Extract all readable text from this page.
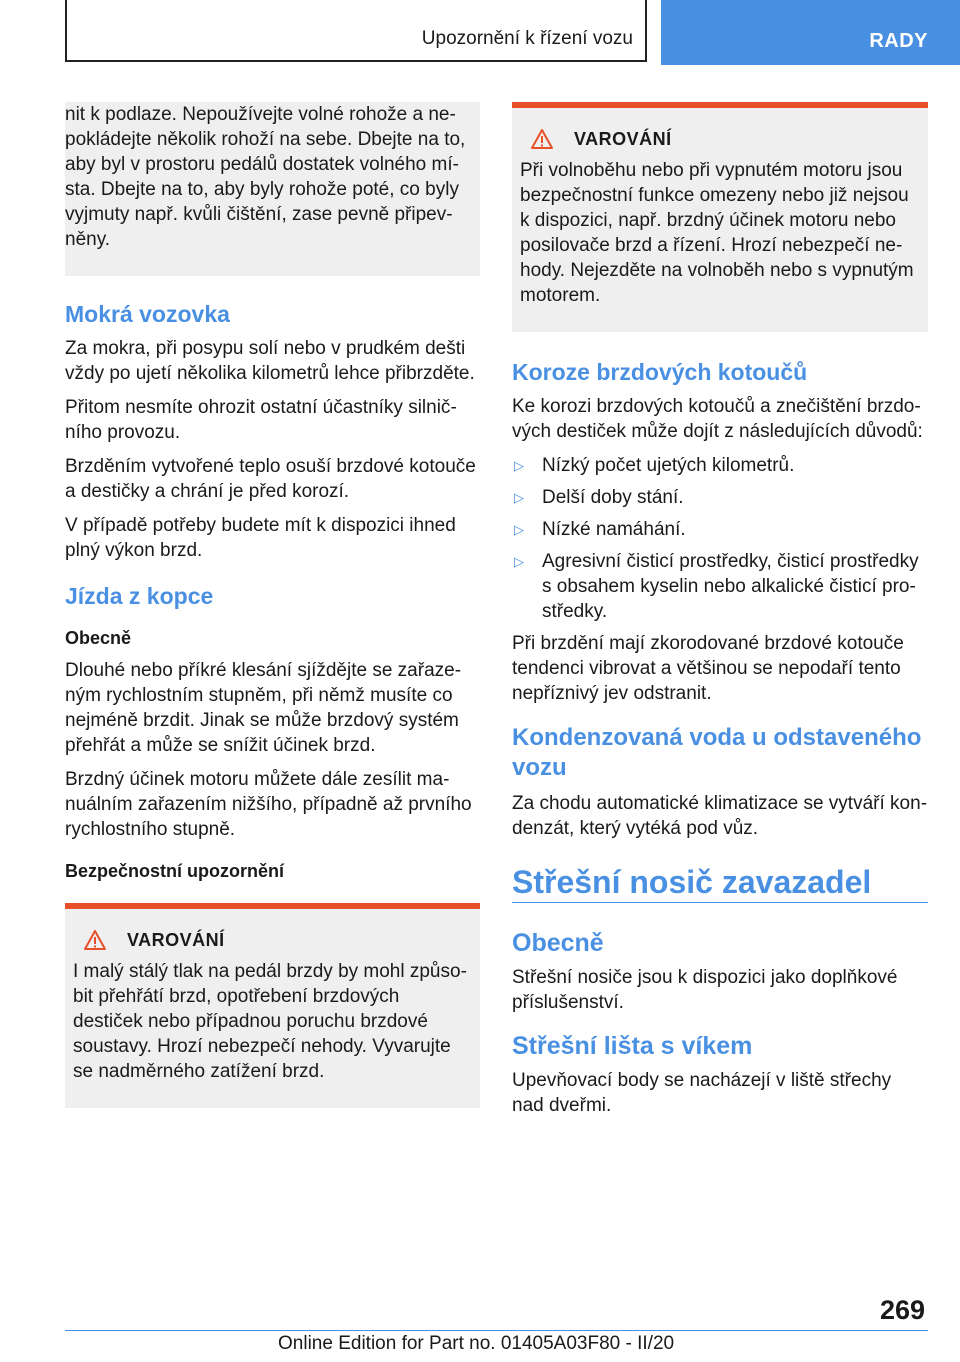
Upozornění k řízení vozu	RADY

nit k podlaze. Nepoužívejte volné rohože a nepokládejte několik rohoží na sebe. Dbejte na to, aby byl v prostoru pedálů dostatek volného místa. Dbejte na to, aby byly rohože poté, co byly vyjmuty např. kvůli čištění, zase pevně připevněny.

Mokrá vozovka

Za mokra, při posypu solí nebo v prudkém dešti vždy po ujetí několika kilometrů lehce přibrzděte.

Přitom nesmíte ohrozit ostatní účastníky silničního provozu.

Brzděním vytvořené teplo osuší brzdové kotouče a destičky a chrání je před korozí.

V případě potřeby budete mít k dispozici ihned plný výkon brzd.

Jízda z kopce
Obecně

Dlouhé nebo příkré klesání sjíždějte se zařazeným rychlostním stupněm, při němž musíte co nejméně brzdit. Jinak se může brzdový systém přehřát a může se snížit účinek brzd.

Brzdný účinek motoru můžete dále zesílit manuálním zařazením nižšího, případně až prvního rychlostního stupně.

Bezpečnostní upozornění
VAROVÁNÍ

I malý stálý tlak na pedál brzdy by mohl způsobit přehřátí brzd, opotřebení brzdových destiček nebo případnou poruchu brzdové soustavy. Hrozí nebezpečí nehody. Vyvarujte se nadměrného zatížení brzd.

VAROVÁNÍ

Při volnoběhu nebo při vypnutém motoru jsou bezpečnostní funkce omezeny nebo již nejsou k dispozici, např. brzdný účinek motoru nebo posilovače brzd a řízení. Hrozí nebezpečí nehody. Nejezděte na volnoběh nebo s vypnutým motorem.

Koroze brzdových kotoučů

Ke korozi brzdových kotoučů a znečištění brzdových destiček může dojít z následujících důvodů:

▷ Nízký počet ujetých kilometrů.
▷ Delší doby stání.
▷ Nízké namáhání.
▷ Agresivní čisticí prostředky, čisticí prostředky s obsahem kyselin nebo alkalické čisticí prostředky.

Při brzdění mají zkorodované brzdové kotouče tendenci vibrovat a většinou se nepodaří tento nepříznivý jev odstranit.

Kondenzovaná voda u odstaveného vozu

Za chodu automatické klimatizace se vytváří kondenzát, který vytéká pod vůz.

Střešní nosič zavazadel
Obecně

Střešní nosiče jsou k dispozici jako doplňkové příslušenství.

Střešní lišta s víkem

Upevňovací body se nacházejí v liště střechy nad dveřmi.

269
Online Edition for Part no. 01405A03F80 - II/20
